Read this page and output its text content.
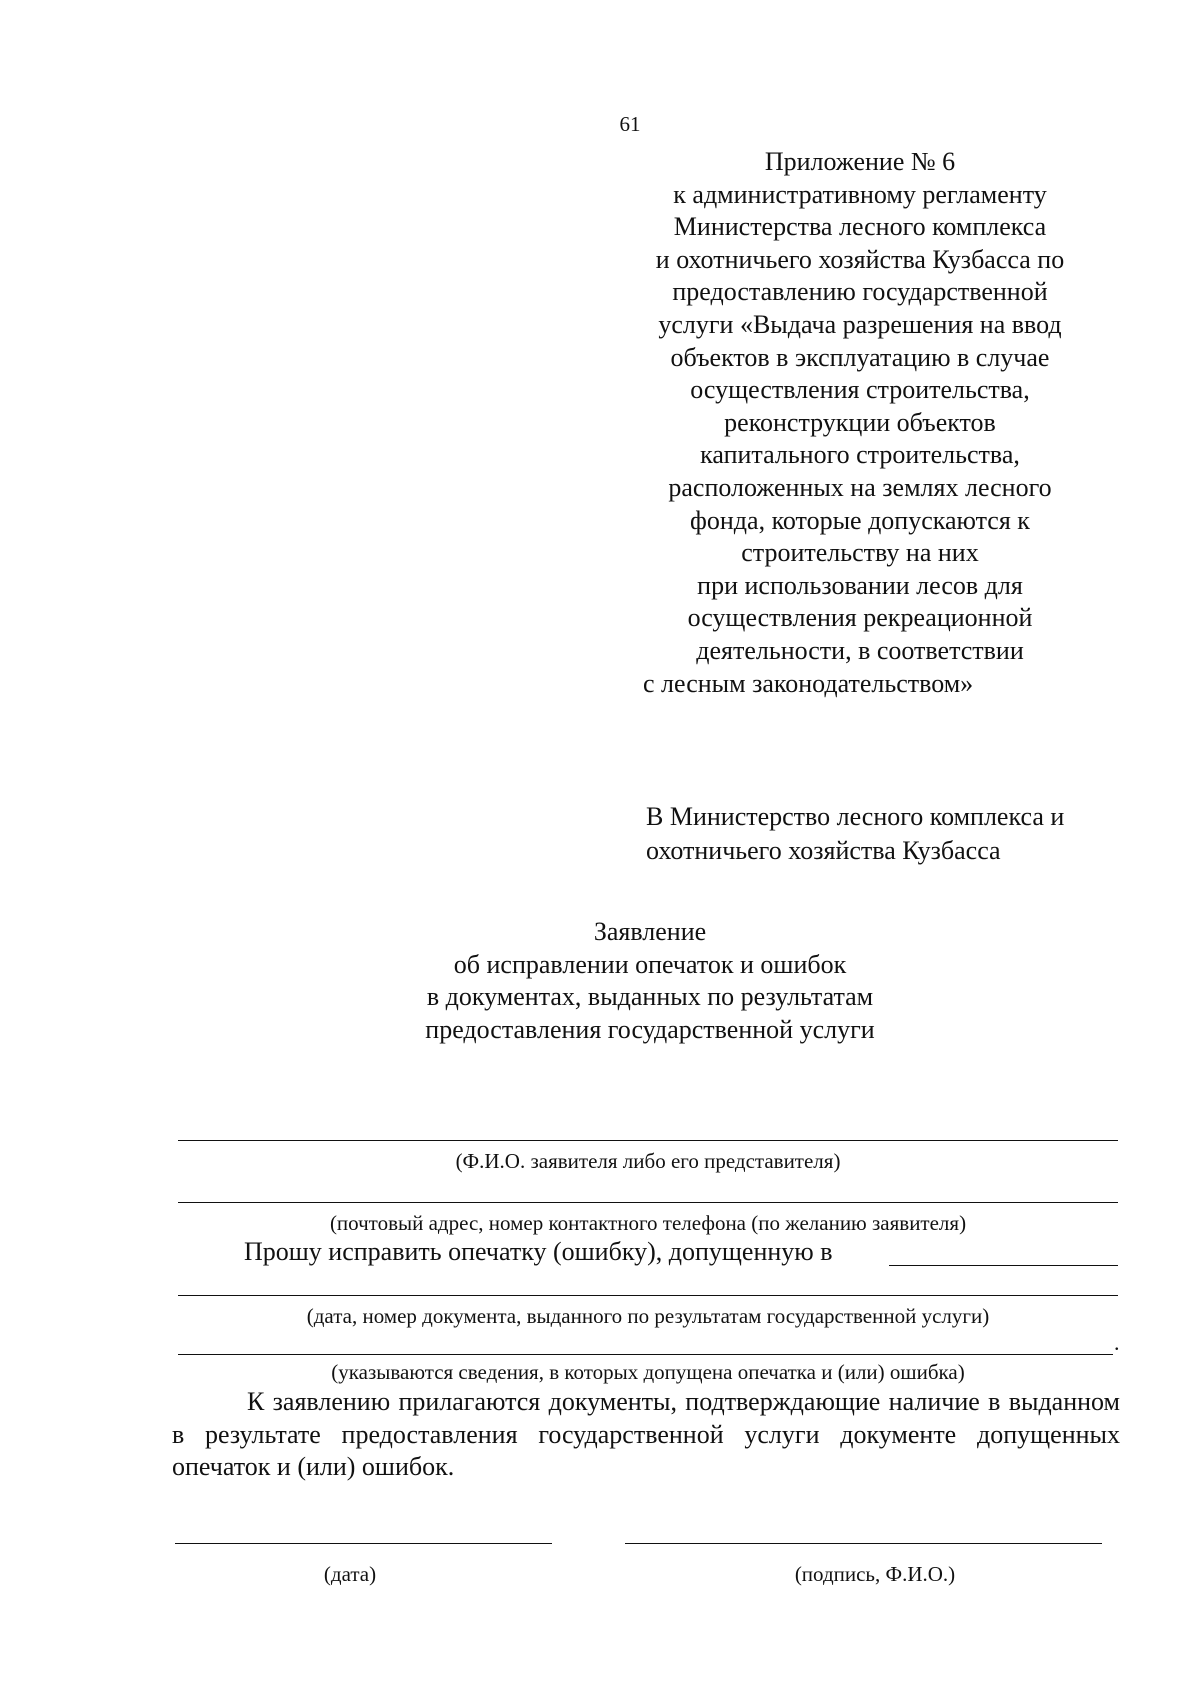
61
Приложение № 6
к административному регламенту
Министерства лесного комплекса
и охотничьего хозяйства Кузбасса по
предоставлению государственной
услуги «Выдача разрешения на ввод
объектов в эксплуатацию в случае
осуществления строительства,
реконструкции объектов
капитального строительства,
расположенных на землях лесного
фонда, которые допускаются к
строительству на них
при использовании лесов для
осуществления рекреационной
деятельности, в соответствии
с лесным законодательством»
В Министерство лесного комплекса и
охотничьего хозяйства Кузбасса
Заявление
об исправлении опечаток и ошибок
в документах, выданных по результатам
предоставления государственной услуги
(Ф.И.О. заявителя либо его представителя)
(почтовый адрес, номер контактного телефона (по желанию заявителя)
Прошу исправить опечатку (ошибку), допущенную в
(дата, номер документа, выданного по результатам государственной услуги)
.
(указываются сведения, в которых допущена опечатка и (или) ошибка)
К заявлению прилагаются документы, подтверждающие наличие в выданном в результате предоставления государственной услуги документе допущенных опечаток и (или) ошибок.
(дата)	(подпись, Ф.И.О.)
